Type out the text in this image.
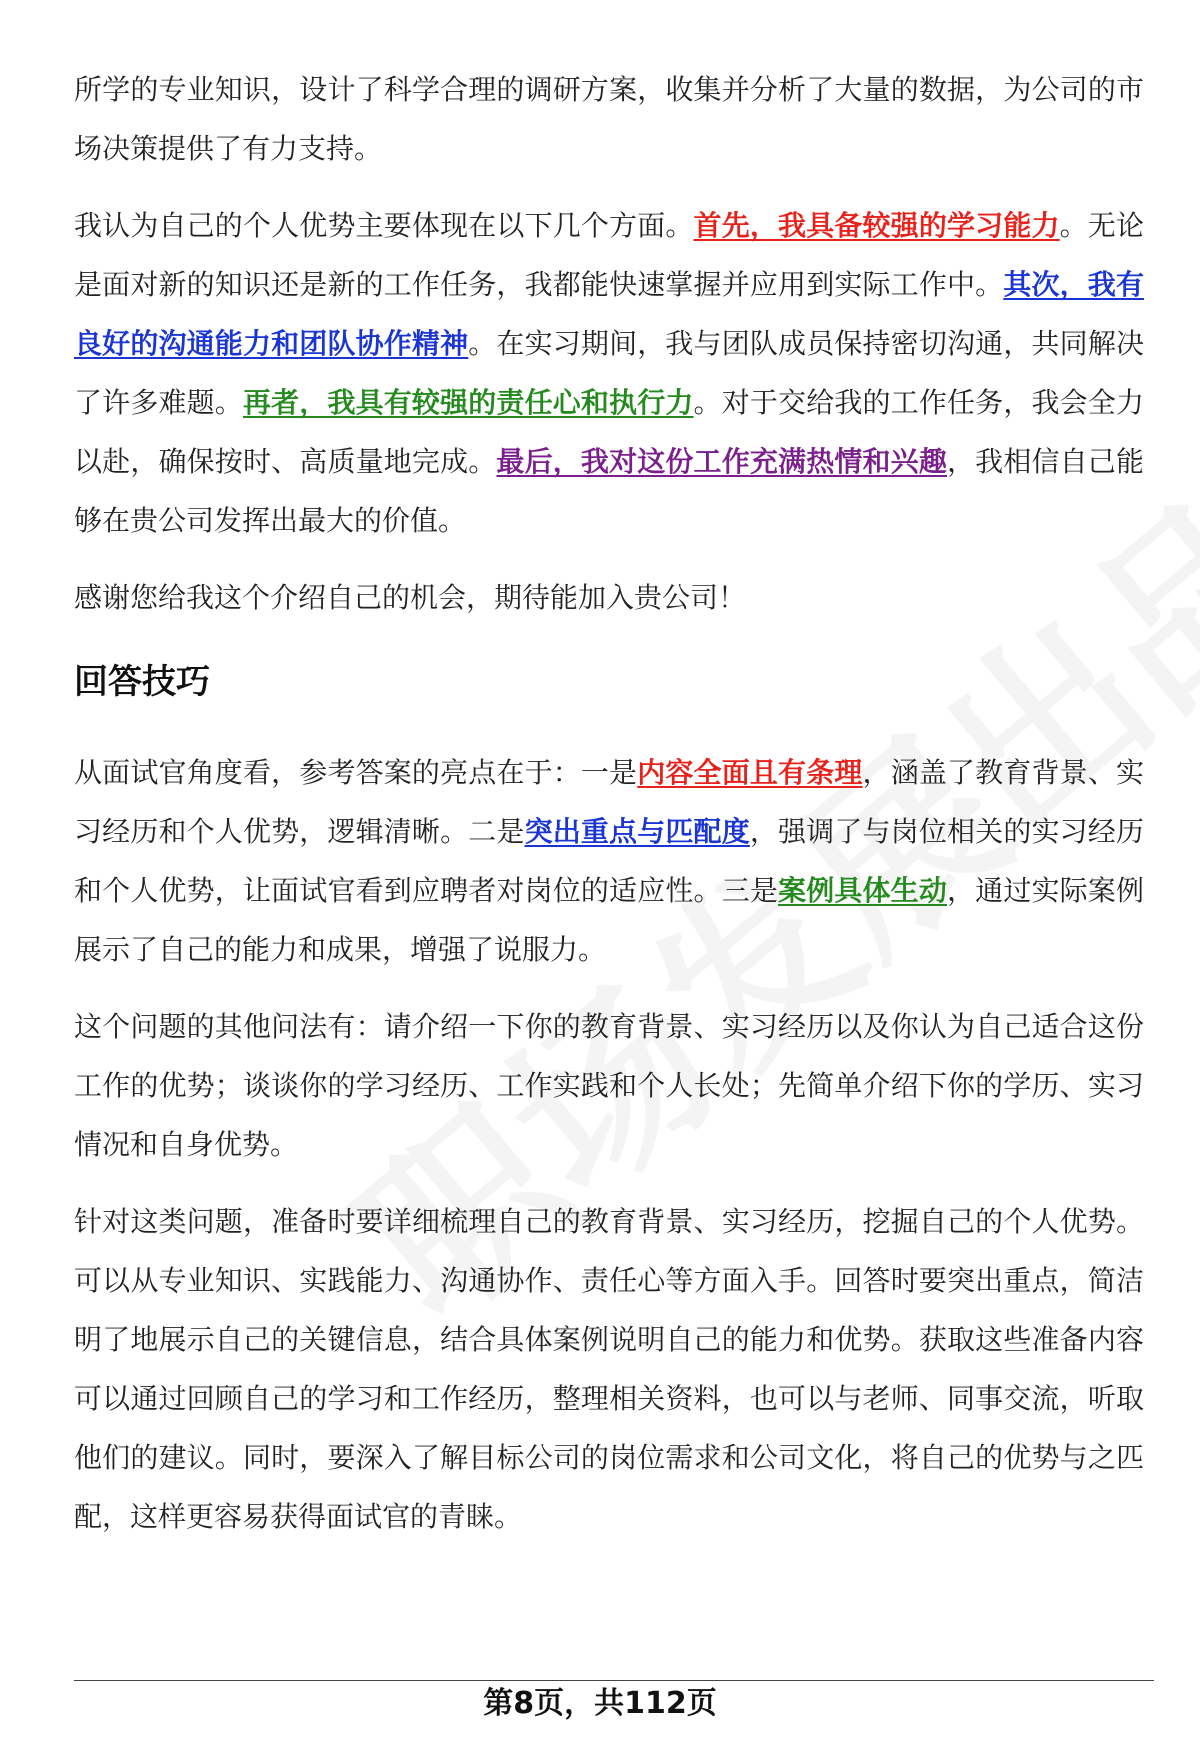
所学的专业知识，设计了科学合理的调研方案，收集并分析了大量的数据，为公司的市场决策提供了有力支持。

我认为自己的个人优势主要体现在以下几个方面。首先，我具备较强的学习能力。无论是面对新的知识还是新的工作任务，我都能快速掌握并应用到实际工作中。其次，我有良好的沟通能力和团队协作精神。在实习期间，我与团队成员保持密切沟通，共同解决了许多难题。再者，我具有较强的责任心和执行力。对于交给我的工作任务，我会全力以赴，确保按时、高质量地完成。最后，我对这份工作充满热情和兴趣，我相信自己能够在贵公司发挥出最大的价值。

感谢您给我这个介绍自己的机会，期待能加入贵公司！

回答技巧

从面试官角度看，参考答案的亮点在于：一是内容全面且有条理，涵盖了教育背景、实习经历和个人优势，逻辑清晰。二是突出重点与匹配度，强调了与岗位相关的实习经历和个人优势，让面试官看到应聘者对岗位的适应性。三是案例具体生动，通过实际案例展示了自己的能力和成果，增强了说服力。

这个问题的其他问法有：请介绍一下你的教育背景、实习经历以及你认为自己适合这份工作的优势；谈谈你的学习经历、工作实践和个人长处；先简单介绍下你的学历、实习情况和自身优势。

针对这类问题，准备时要详细梳理自己的教育背景、实习经历，挖掘自己的个人优势。可以从专业知识、实践能力、沟通协作、责任心等方面入手。回答时要突出重点，简洁明了地展示自己的关键信息，结合具体案例说明自己的能力和优势。获取这些准备内容可以通过回顾自己的学习和工作经历，整理相关资料，也可以与老师、同事交流，听取他们的建议。同时，要深入了解目标公司的岗位需求和公司文化，将自己的优势与之匹配，这样更容易获得面试官的青睐。

第8页，共112页
